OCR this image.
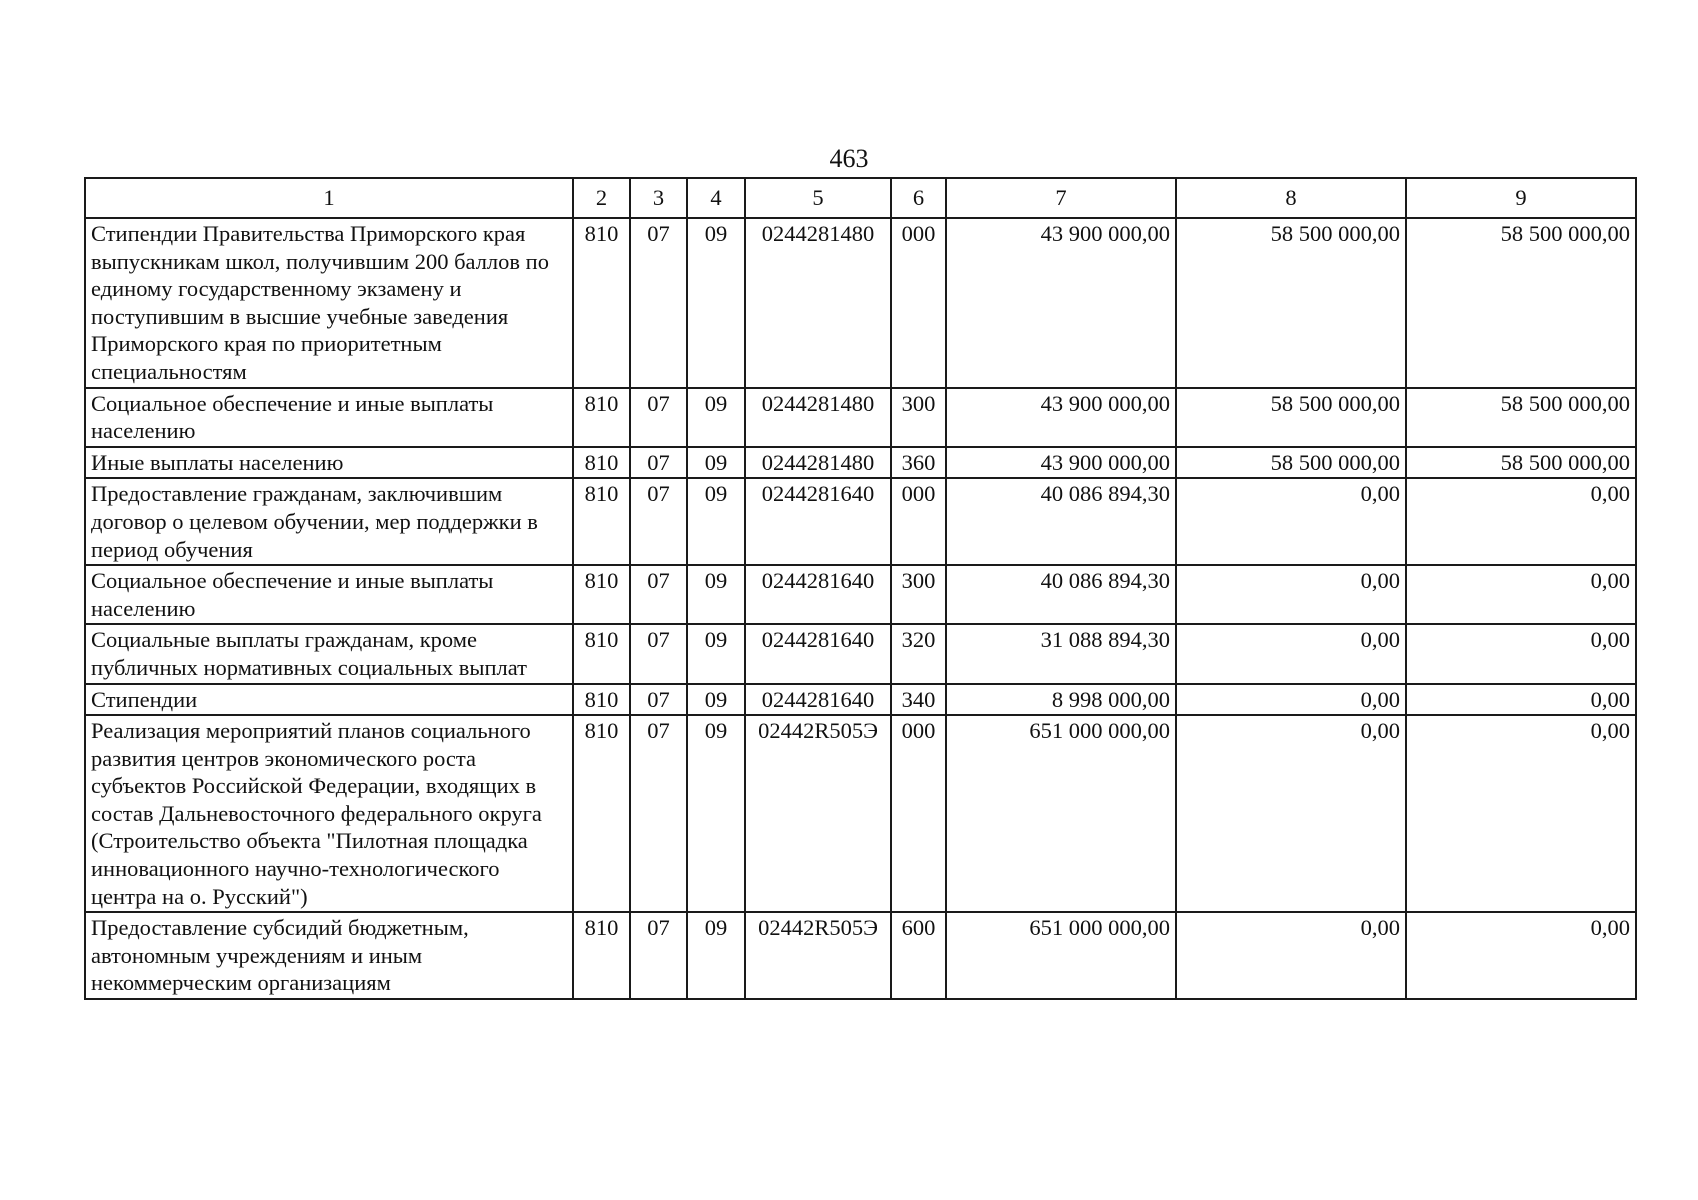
463
1	2	3	4	5	6	7	8	9
Стипендии Правительства Приморского края выпускникам школ, получившим 200 баллов по единому государственному экзамену и поступившим в высшие учебные заведения Приморского края по приоритетным специальностям	810	07	09	0244281480	000	43 900 000,00	58 500 000,00	58 500 000,00
Социальное обеспечение и иные выплаты населению	810	07	09	0244281480	300	43 900 000,00	58 500 000,00	58 500 000,00
Иные выплаты населению	810	07	09	0244281480	360	43 900 000,00	58 500 000,00	58 500 000,00
Предоставление гражданам, заключившим договор о целевом обучении, мер поддержки в период обучения	810	07	09	0244281640	000	40 086 894,30	0,00	0,00
Социальное обеспечение и иные выплаты населению	810	07	09	0244281640	300	40 086 894,30	0,00	0,00
Социальные выплаты гражданам, кроме публичных нормативных социальных выплат	810	07	09	0244281640	320	31 088 894,30	0,00	0,00
Стипендии	810	07	09	0244281640	340	8 998 000,00	0,00	0,00
Реализация мероприятий планов социального развития центров экономического роста субъектов Российской Федерации, входящих в состав Дальневосточного федерального округа (Строительство объекта "Пилотная площадка инновационного научно-технологического центра на о. Русский")	810	07	09	02442R505Э	000	651 000 000,00	0,00	0,00
Предоставление субсидий бюджетным, автономным учреждениям и иным некоммерческим организациям	810	07	09	02442R505Э	600	651 000 000,00	0,00	0,00
